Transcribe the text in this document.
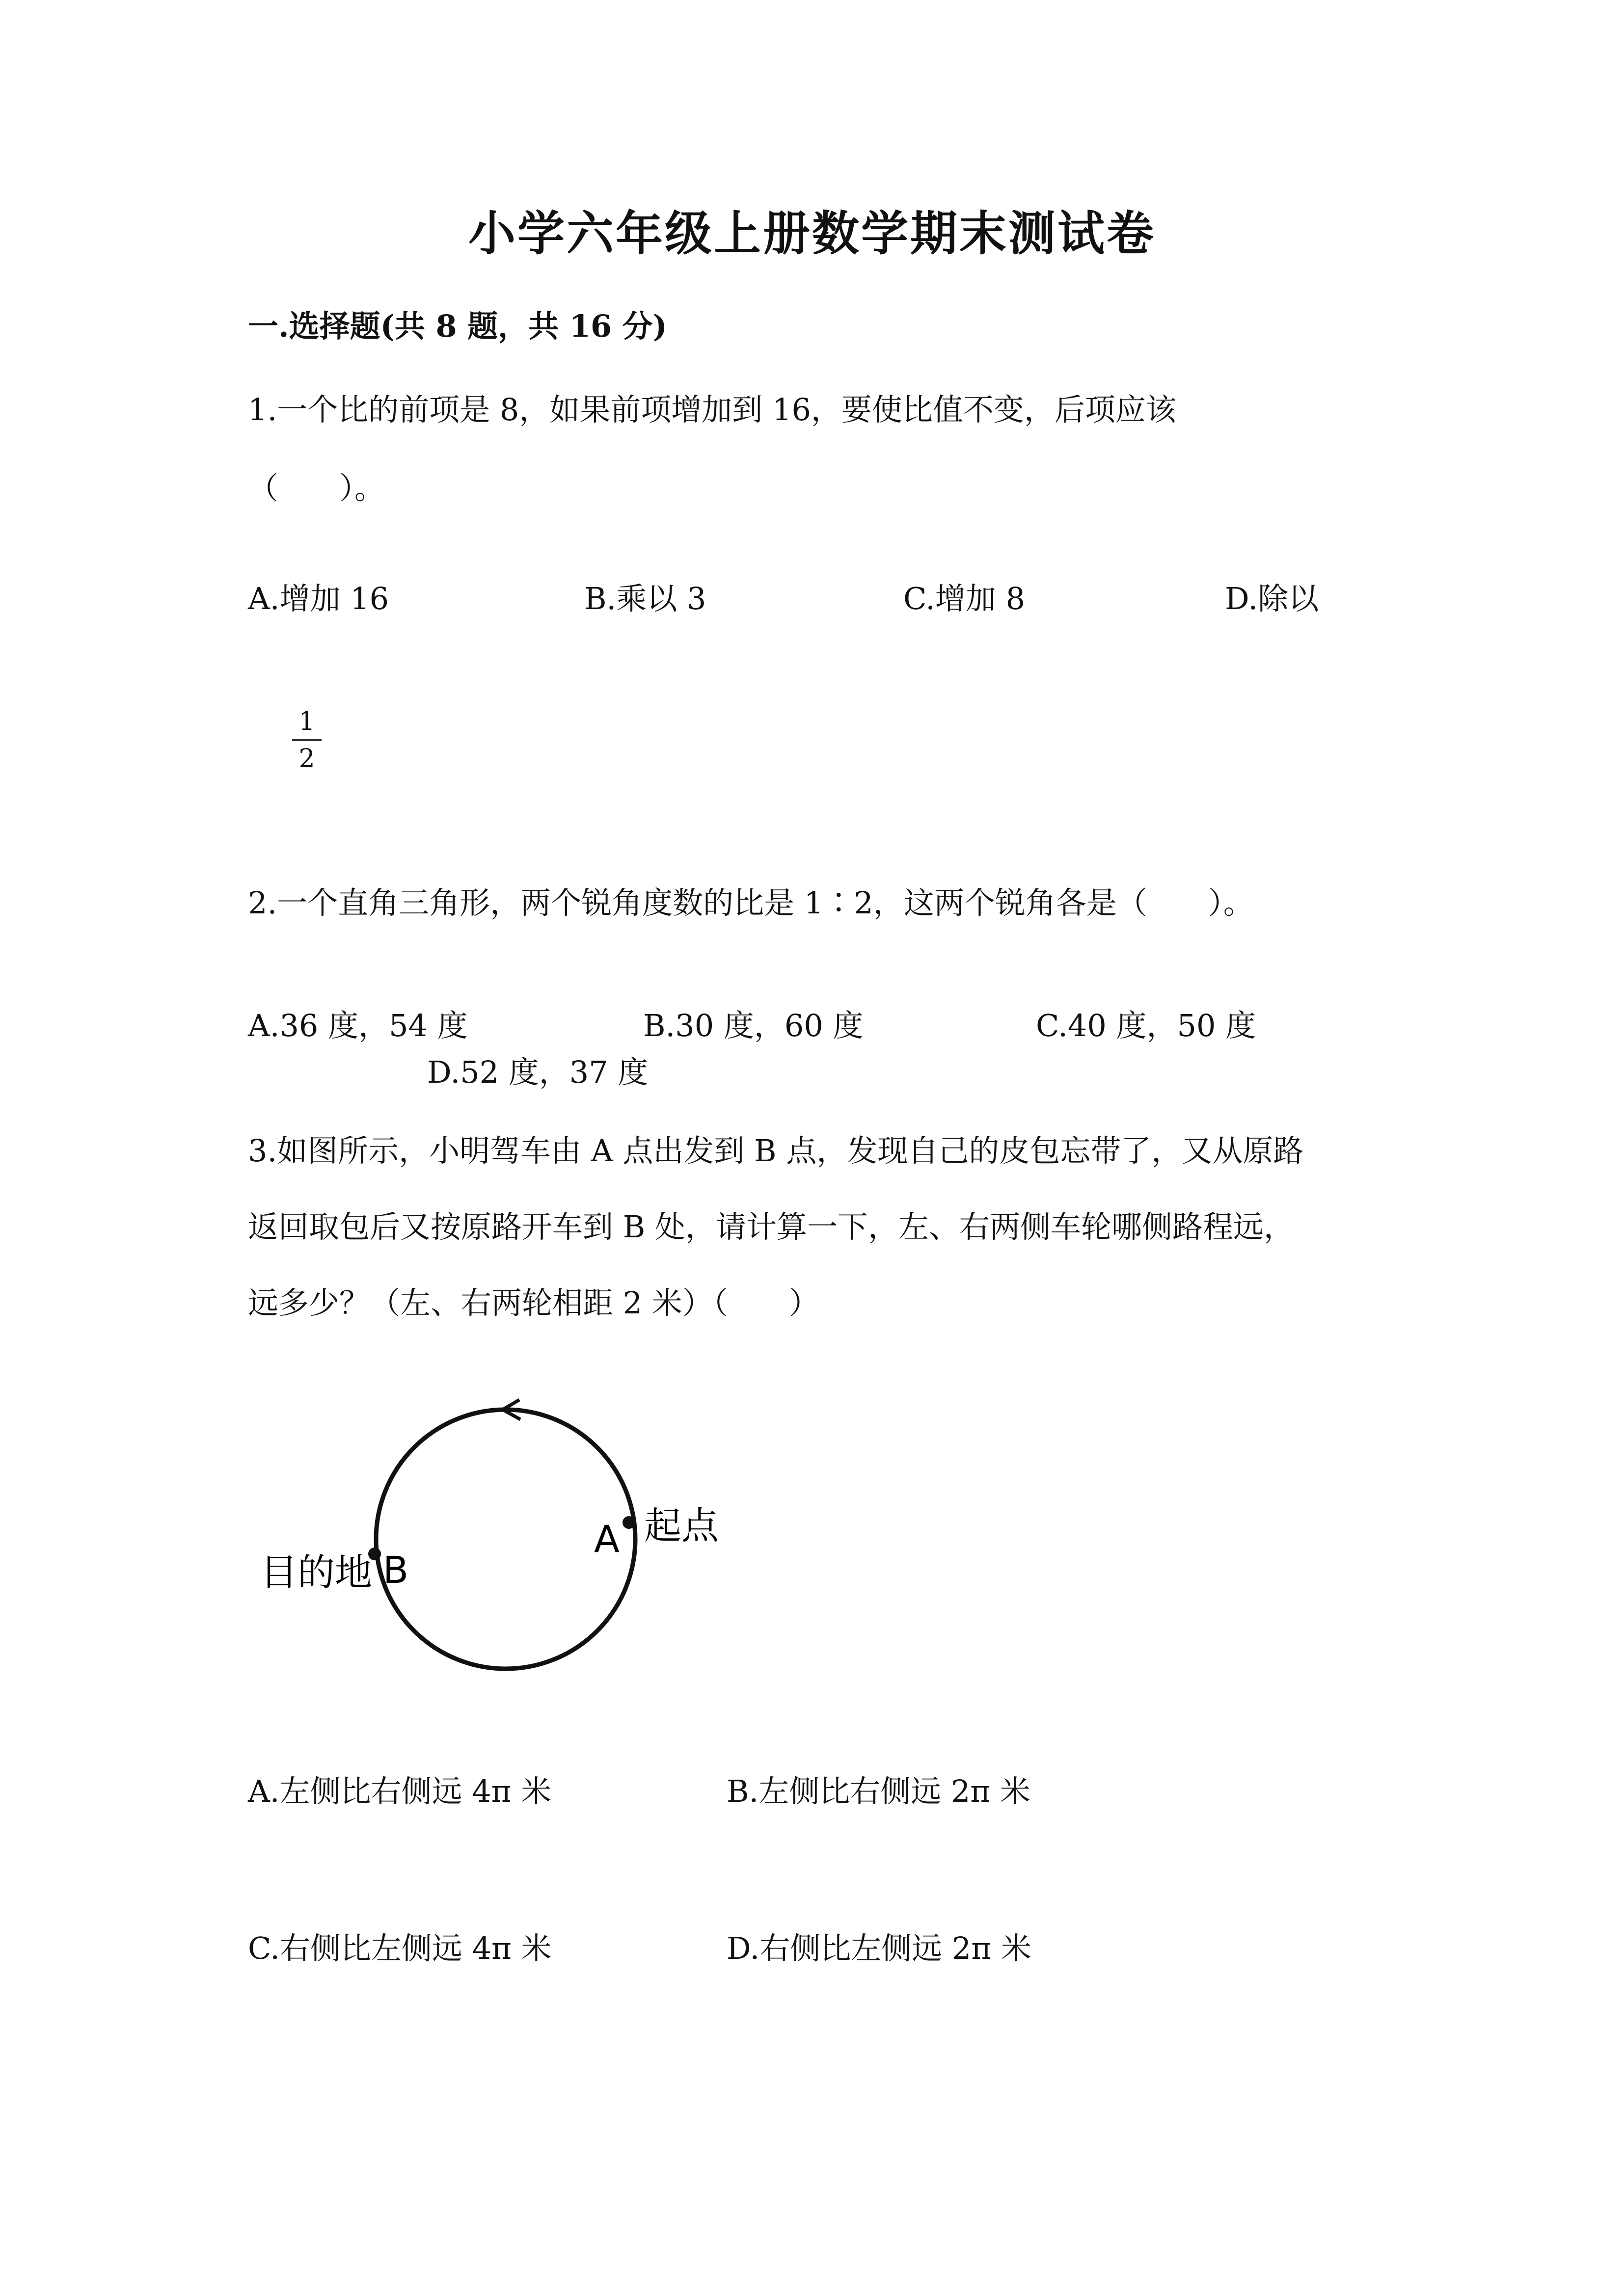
小学六年级上册数学期末测试卷
一.选择题(共 8 题，共 16 分)
1.一个比的前项是 8，如果前项增加到 16，要使比值不变，后项应该
（　　）。
A.增加 16	B.乘以 3	C.增加 8	D.除以
1
2
2.一个直角三角形，两个锐角度数的比是 1∶2，这两个锐角各是（　　）。
A.36 度，54 度	B.30 度，60 度	C.40 度，50 度
D.52 度，37 度
3.如图所示，小明驾车由 A 点出发到 B 点，发现自己的皮包忘带了，又从原路
返回取包后又按原路开车到 B 处，请计算一下，左、右两侧车轮哪侧路程远，
远多少？（左、右两轮相距 2 米）（　　）
A 起点
目的地 B
A.左侧比右侧远 4π 米	B.左侧比右侧远 2π 米
C.右侧比左侧远 4π 米	D.右侧比左侧远 2π 米
